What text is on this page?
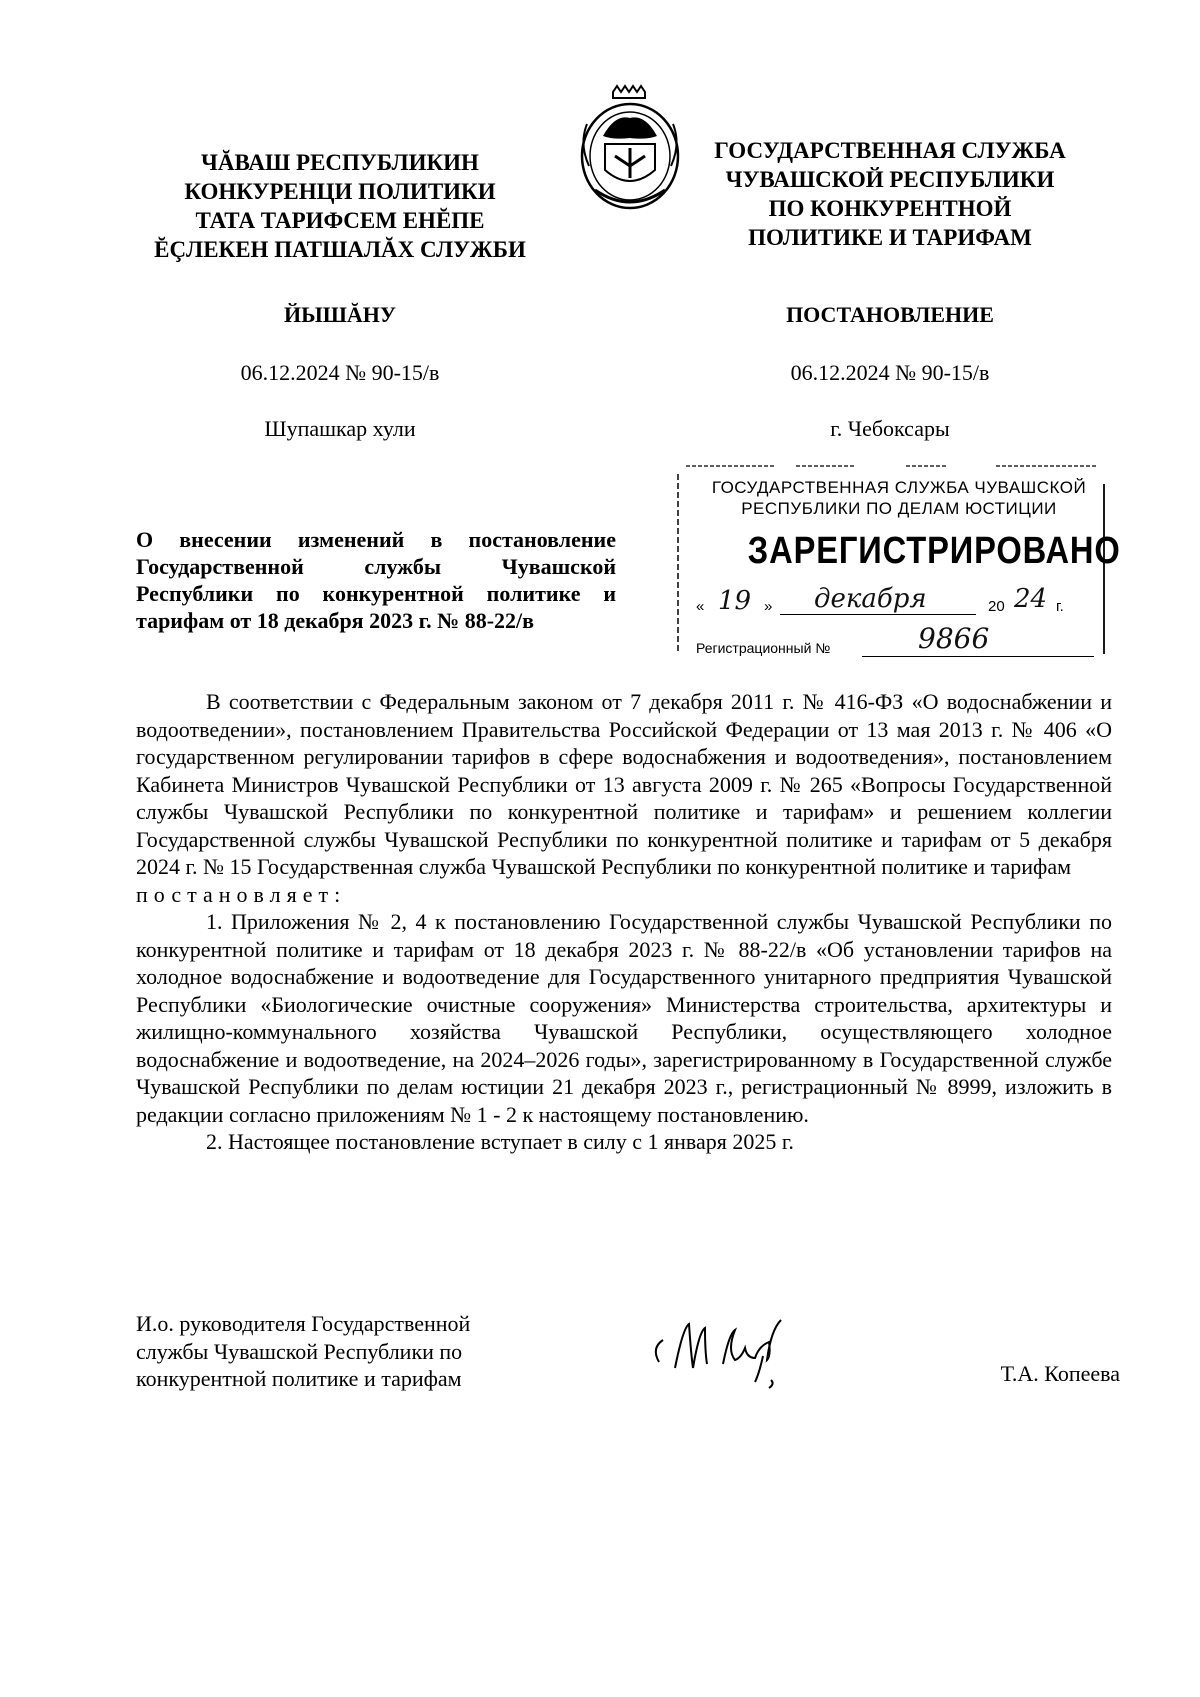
ЧĂВАШ РЕСПУБЛИКИН
КОНКУРЕНЦИ ПОЛИТИКИ
ТАТА ТАРИФСЕМ ЕНĔПЕ
ĔÇЛЕКЕН ПАТШАЛĂХ СЛУЖБИ
ГОСУДАРСТВЕННАЯ СЛУЖБА
ЧУВАШСКОЙ РЕСПУБЛИКИ
ПО КОНКУРЕНТНОЙ
ПОЛИТИКЕ И ТАРИФАМ
ЙЫШĂНУ	ПОСТАНОВЛЕНИЕ
06.12.2024 № 90-15/в	06.12.2024 № 90-15/в
Шупашкар хули	г. Чебоксары
ГОСУДАРСТВЕННАЯ СЛУЖБА ЧУВАШСКОЙ
РЕСПУБЛИКИ ПО ДЕЛАМ ЮСТИЦИИ
ЗАРЕГИСТРИРОВАНО
« 19 » декабря	20 24 г.
Регистрационный №	9866
О внесении изменений в постановление Государственной службы Чувашской Республики по конкурентной политике и тарифам от 18 декабря 2023 г. № 88-22/в

В соответствии с Федеральным законом от 7 декабря 2011 г. № 416-ФЗ «О водоснабжении и водоотведении», постановлением Правительства Российской Федерации от 13 мая 2013 г. № 406 «О государственном регулировании тарифов в сфере водоснабжения и водоотведения», постановлением Кабинета Министров Чувашской Республики от 13 августа 2009 г. № 265 «Вопросы Государственной службы Чувашской Республики по конкурентной политике и тарифам» и решением коллегии Государственной службы Чувашской Республики по конкурентной политике и тарифам от 5 декабря 2024 г. № 15 Государственная служба Чувашской Республики по конкурентной политике и тарифам

постановляет:

1. Приложения № 2, 4 к постановлению Государственной службы Чувашской Республики по конкурентной политике и тарифам от 18 декабря 2023 г. № 88-22/в «Об установлении тарифов на холодное водоснабжение и водоотведение для Государственного унитарного предприятия Чувашской Республики «Биологические очистные сооружения» Министерства строительства, архитектуры и жилищно-коммунального хозяйства Чувашской Республики, осуществляющего холодное водоснабжение и водоотведение, на 2024–2026 годы», зарегистрированному в Государственной службе Чувашской Республики по делам юстиции 21 декабря 2023 г., регистрационный № 8999, изложить в редакции согласно приложениям № 1 - 2 к настоящему постановлению.

2. Настоящее постановление вступает в силу с 1 января 2025 г.

И.о. руководителя Государственной
службы Чувашской Республики по
конкурентной политике и тарифам	Т.А. Копеева
